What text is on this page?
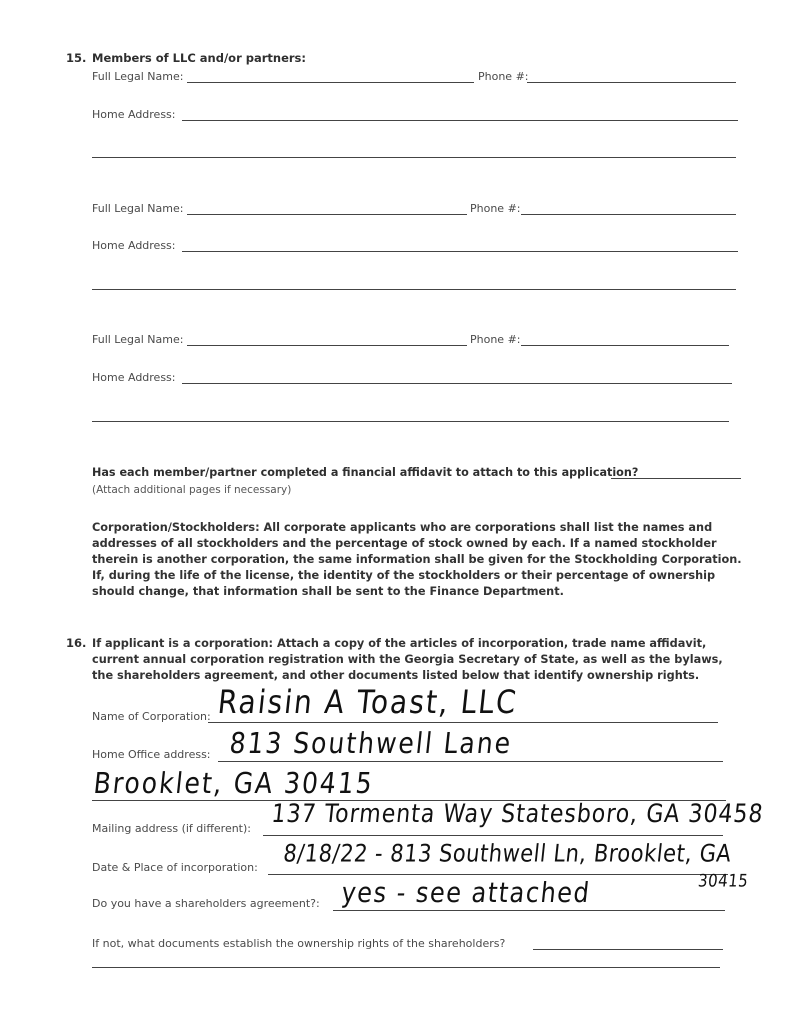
15. Members of LLC and/or partners:
Full Legal Name:	Phone #:
Home Address:
Full Legal Name:	Phone #:
Home Address:
Full Legal Name:	Phone #:
Home Address:
Has each member/partner completed a financial affidavit to attach to this application?
(Attach additional pages if necessary)
Corporation/Stockholders: All corporate applicants who are corporations shall list the names and addresses of all stockholders and the percentage of stock owned by each. If a named stockholder therein is another corporation, the same information shall be given for the Stockholding Corporation. If, during the life of the license, the identity of the stockholders or their percentage of ownership should change, that information shall be sent to the Finance Department.
16. If applicant is a corporation: Attach a copy of the articles of incorporation, trade name affidavit, current annual corporation registration with the Georgia Secretary of State, as well as the bylaws, the shareholders agreement, and other documents listed below that identify ownership rights.
Name of Corporation: Raisin A Toast, LLC
Home Office address: 813 Southwell Lane
Brooklet, GA 30415
Mailing address (if different): 137 Tormenta Way Statesboro, GA 30458
Date & Place of incorporation:
8/18/22 - 813 Southwell Ln, Brooklet, GA
30415
Do you have a shareholders agreement?: yes - see attached
If not, what documents establish the ownership rights of the shareholders?
